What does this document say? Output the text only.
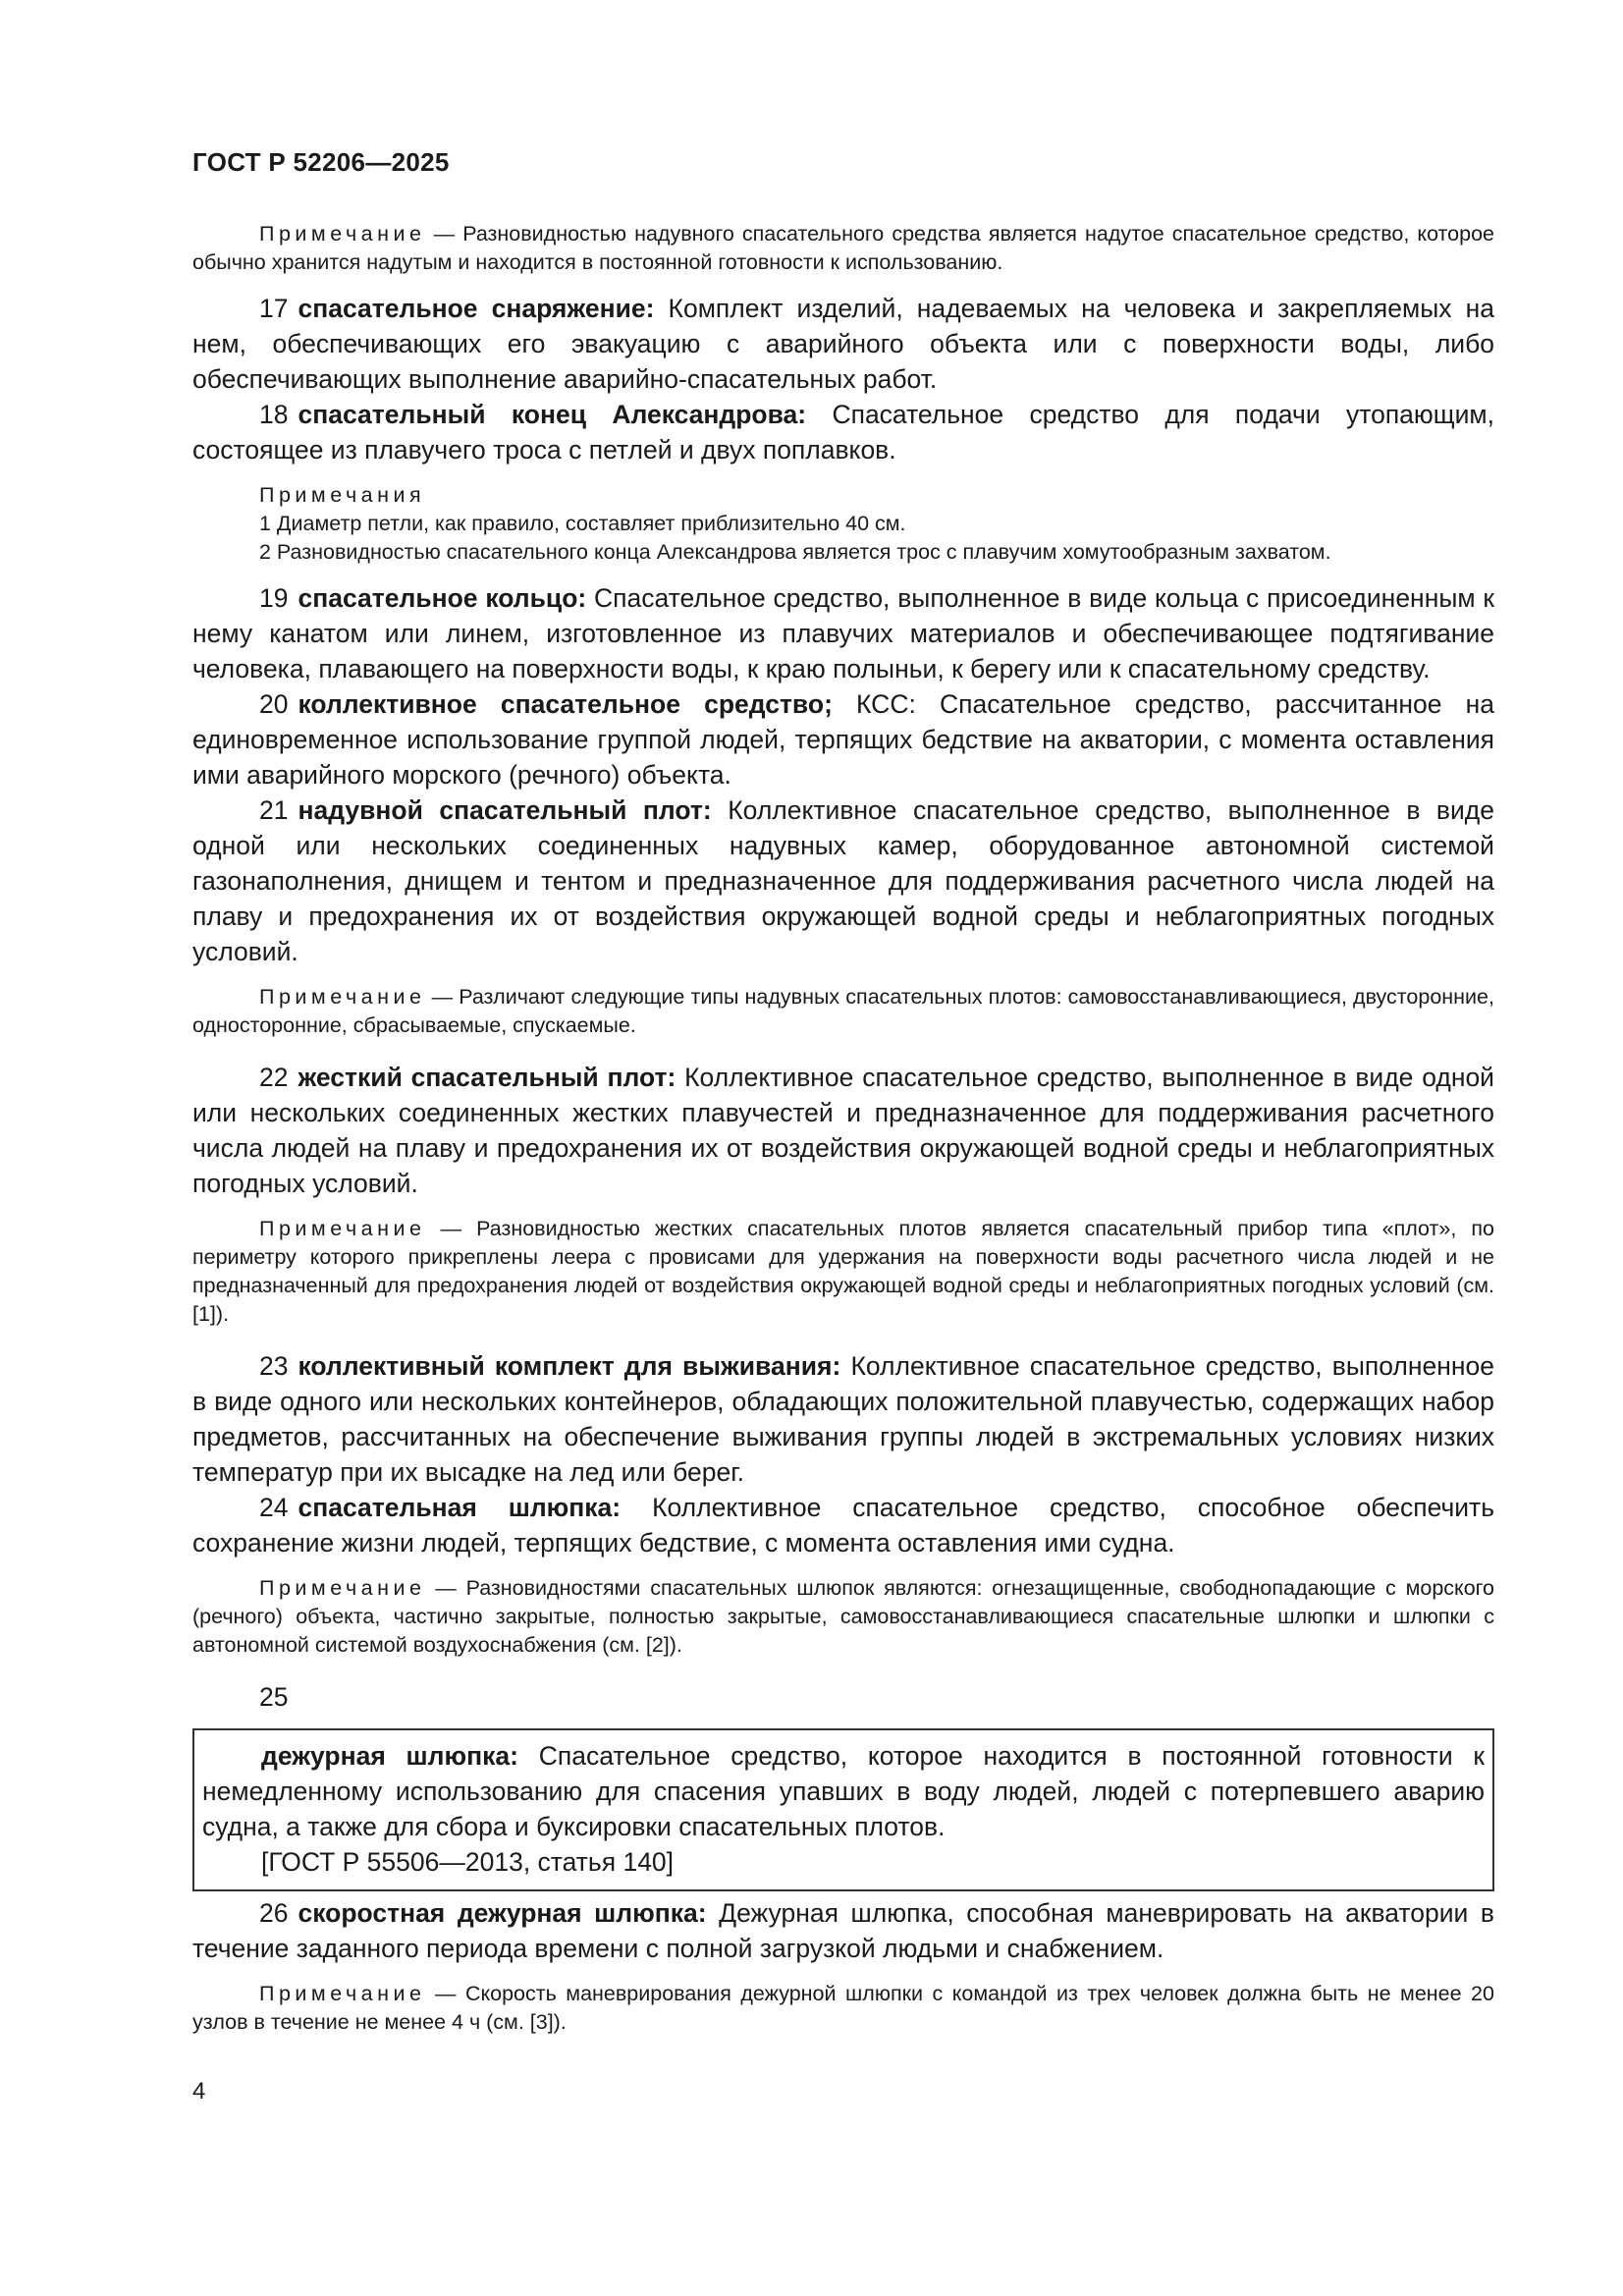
ГОСТ Р 52206—2025

Примечание — Разновидностью надувного спасательного средства является надутое спасательное средство, которое обычно хранится надутым и находится в постоянной готовности к использованию.

17 спасательное снаряжение: Комплект изделий, надеваемых на человека и закрепляемых на нем, обеспечивающих его эвакуацию с аварийного объекта или с поверхности воды, либо обеспечивающих выполнение аварийно-спасательных работ.

18 спасательный конец Александрова: Спасательное средство для подачи утопающим, состоящее из плавучего троса с петлей и двух поплавков.

Примечания

1 Диаметр петли, как правило, составляет приблизительно 40 см.

2 Разновидностью спасательного конца Александрова является трос с плавучим хомутообразным захватом.

19 спасательное кольцо: Спасательное средство, выполненное в виде кольца с присоединенным к нему канатом или линем, изготовленное из плавучих материалов и обеспечивающее подтягивание человека, плавающего на поверхности воды, к краю полыньи, к берегу или к спасательному средству.

20 коллективное спасательное средство; КСС: Спасательное средство, рассчитанное на единовременное использование группой людей, терпящих бедствие на акватории, с момента оставления ими аварийного морского (речного) объекта.

21 надувной спасательный плот: Коллективное спасательное средство, выполненное в виде одной или нескольких соединенных надувных камер, оборудованное автономной системой газонаполнения, днищем и тентом и предназначенное для поддерживания расчетного числа людей на плаву и предохранения их от воздействия окружающей водной среды и неблагоприятных погодных условий.

Примечание — Различают следующие типы надувных спасательных плотов: самовосстанавливающиеся, двусторонние, односторонние, сбрасываемые, спускаемые.

22 жесткий спасательный плот: Коллективное спасательное средство, выполненное в виде одной или нескольких соединенных жестких плавучестей и предназначенное для поддерживания расчетного числа людей на плаву и предохранения их от воздействия окружающей водной среды и неблагоприятных погодных условий.

Примечание — Разновидностью жестких спасательных плотов является спасательный прибор типа «плот», по периметру которого прикреплены леера с провисами для удержания на поверхности воды расчетного числа людей и не предназначенный для предохранения людей от воздействия окружающей водной среды и неблагоприятных погодных условий (см. [1]).

23 коллективный комплект для выживания: Коллективное спасательное средство, выполненное в виде одного или нескольких контейнеров, обладающих положительной плавучестью, содержащих набор предметов, рассчитанных на обеспечение выживания группы людей в экстремальных условиях низких температур при их высадке на лед или берег.

24 спасательная шлюпка: Коллективное спасательное средство, способное обеспечить сохранение жизни людей, терпящих бедствие, с момента оставления ими судна.

Примечание — Разновидностями спасательных шлюпок являются: огнезащищенные, свободнопадающие с морского (речного) объекта, частично закрытые, полностью закрытые, самовосстанавливающиеся спасательные шлюпки и шлюпки с автономной системой воздухоснабжения (см. [2]).

25

дежурная шлюпка: Спасательное средство, которое находится в постоянной готовности к немедленному использованию для спасения упавших в воду людей, людей с потерпевшего аварию судна, а также для сбора и буксировки спасательных плотов.

[ГОСТ Р 55506—2013, статья 140]

26 скоростная дежурная шлюпка: Дежурная шлюпка, способная маневрировать на акватории в течение заданного периода времени с полной загрузкой людьми и снабжением.

Примечание — Скорость маневрирования дежурной шлюпки с командой из трех человек должна быть не менее 20 узлов в течение не менее 4 ч (см. [3]).

4
